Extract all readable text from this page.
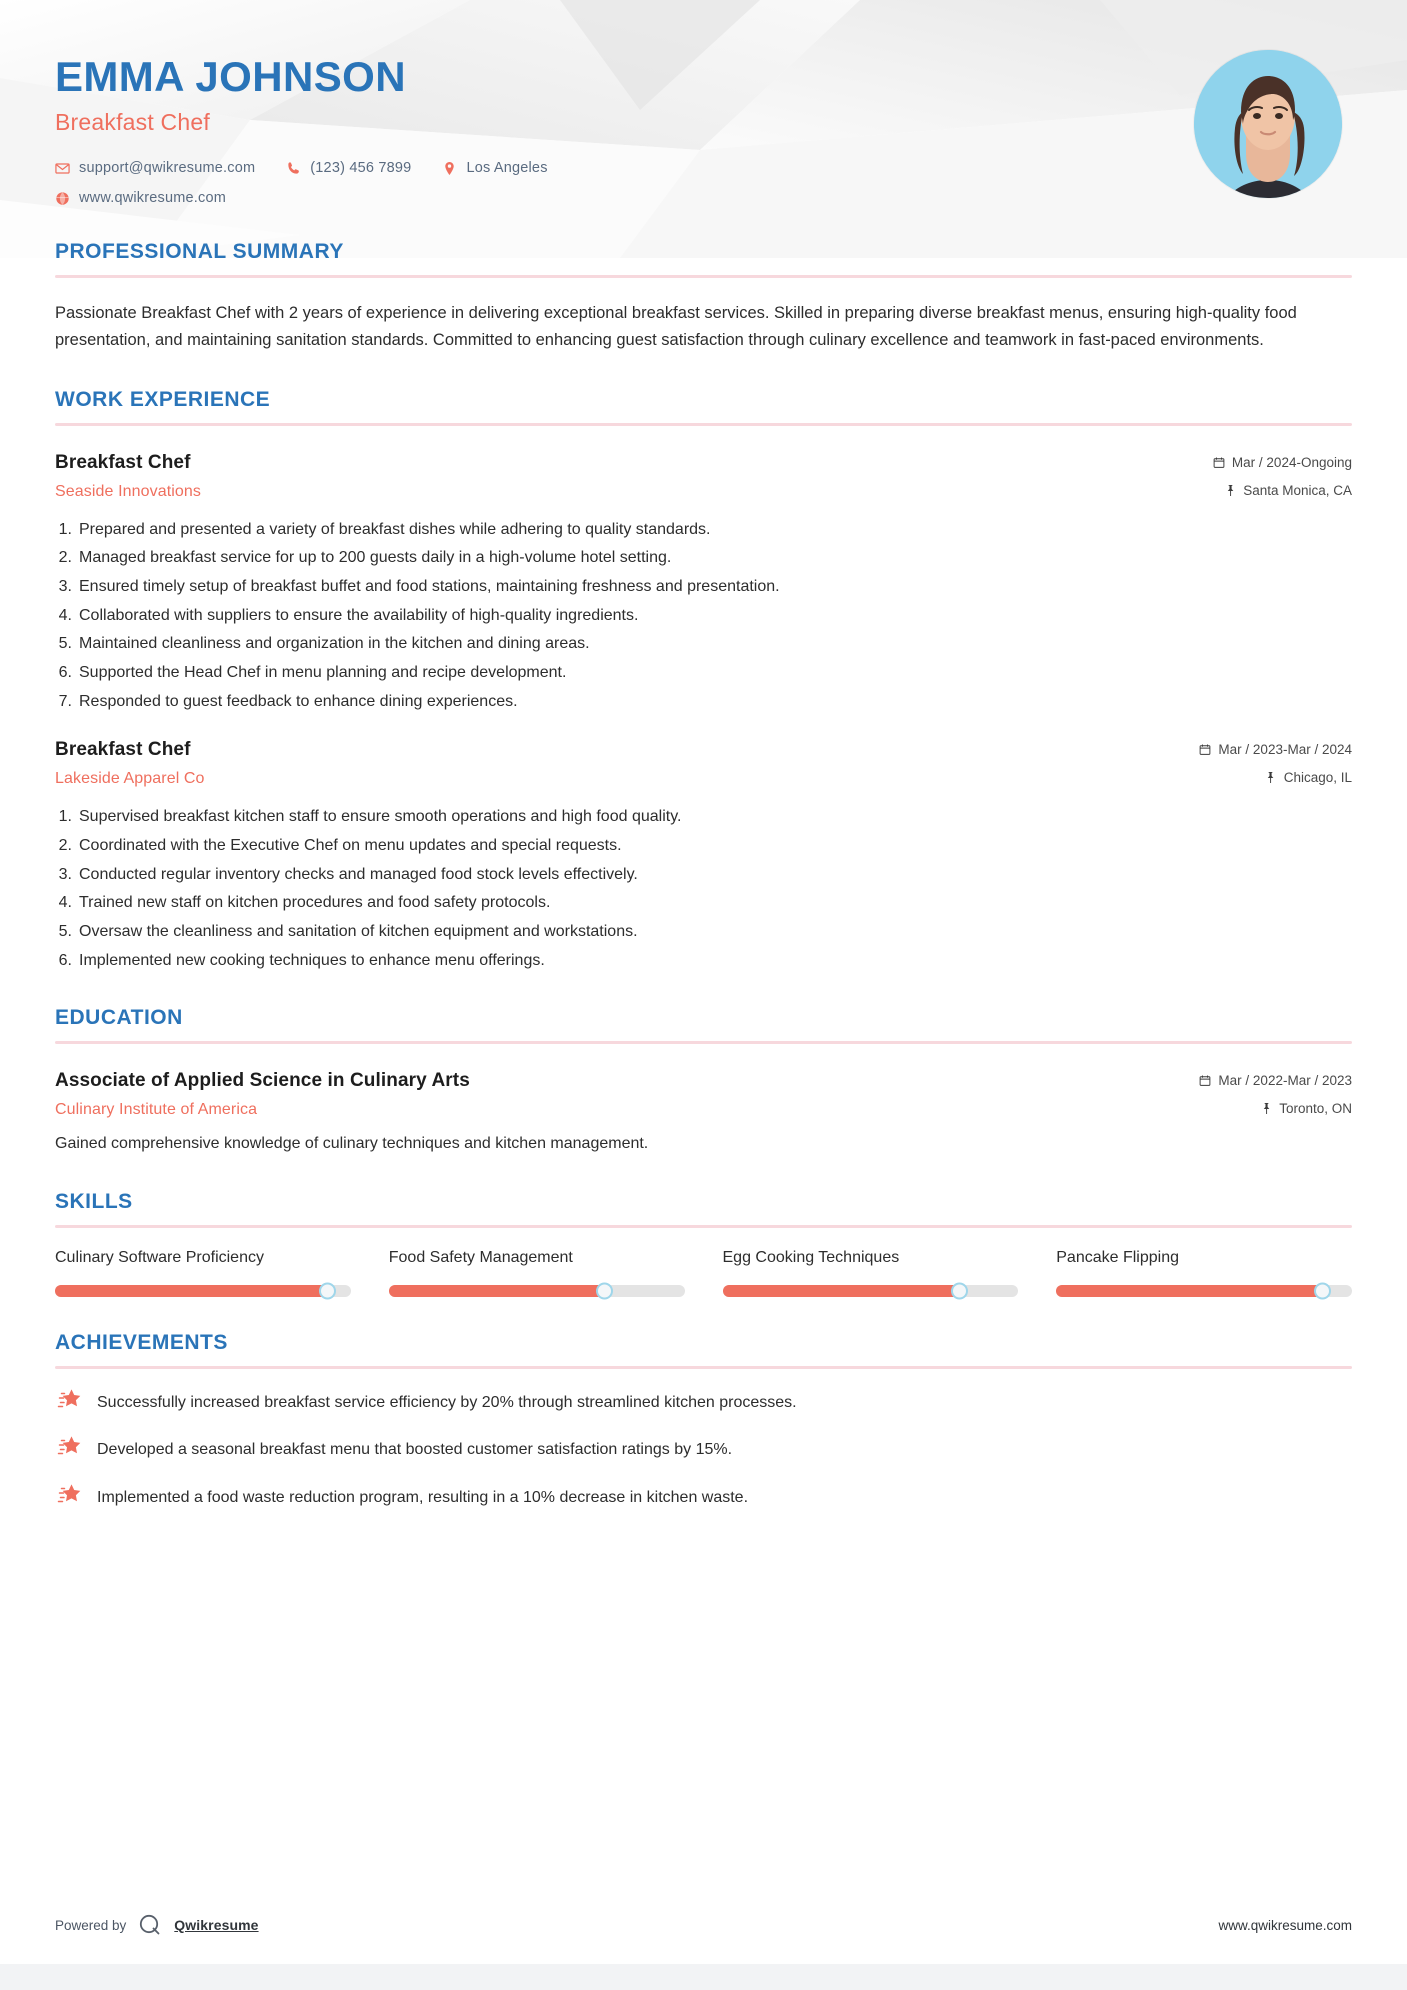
EMMA JOHNSON
Breakfast Chef
support@qwikresume.com	(123) 456 7899	Los Angeles
www.qwikresume.com
PROFESSIONAL SUMMARY
Passionate Breakfast Chef with 2 years of experience in delivering exceptional breakfast services. Skilled in preparing diverse breakfast menus, ensuring high-quality food presentation, and maintaining sanitation standards. Committed to enhancing guest satisfaction through culinary excellence and teamwork in fast-paced environments.
WORK EXPERIENCE
Breakfast Chef
Seaside Innovations
Mar / 2024-Ongoing
Santa Monica, CA
1. Prepared and presented a variety of breakfast dishes while adhering to quality standards.
2. Managed breakfast service for up to 200 guests daily in a high-volume hotel setting.
3. Ensured timely setup of breakfast buffet and food stations, maintaining freshness and presentation.
4. Collaborated with suppliers to ensure the availability of high-quality ingredients.
5. Maintained cleanliness and organization in the kitchen and dining areas.
6. Supported the Head Chef in menu planning and recipe development.
7. Responded to guest feedback to enhance dining experiences.
Breakfast Chef
Lakeside Apparel Co
Mar / 2023-Mar / 2024
Chicago, IL
1. Supervised breakfast kitchen staff to ensure smooth operations and high food quality.
2. Coordinated with the Executive Chef on menu updates and special requests.
3. Conducted regular inventory checks and managed food stock levels effectively.
4. Trained new staff on kitchen procedures and food safety protocols.
5. Oversaw the cleanliness and sanitation of kitchen equipment and workstations.
6. Implemented new cooking techniques to enhance menu offerings.
EDUCATION
Associate of Applied Science in Culinary Arts
Culinary Institute of America
Mar / 2022-Mar / 2023
Toronto, ON
Gained comprehensive knowledge of culinary techniques and kitchen management.
SKILLS
Culinary Software Proficiency	Food Safety Management	Egg Cooking Techniques	Pancake Flipping
ACHIEVEMENTS
Successfully increased breakfast service efficiency by 20% through streamlined kitchen processes.
Developed a seasonal breakfast menu that boosted customer satisfaction ratings by 15%.
Implemented a food waste reduction program, resulting in a 10% decrease in kitchen waste.
Powered by	Qwikresume	www.qwikresume.com
